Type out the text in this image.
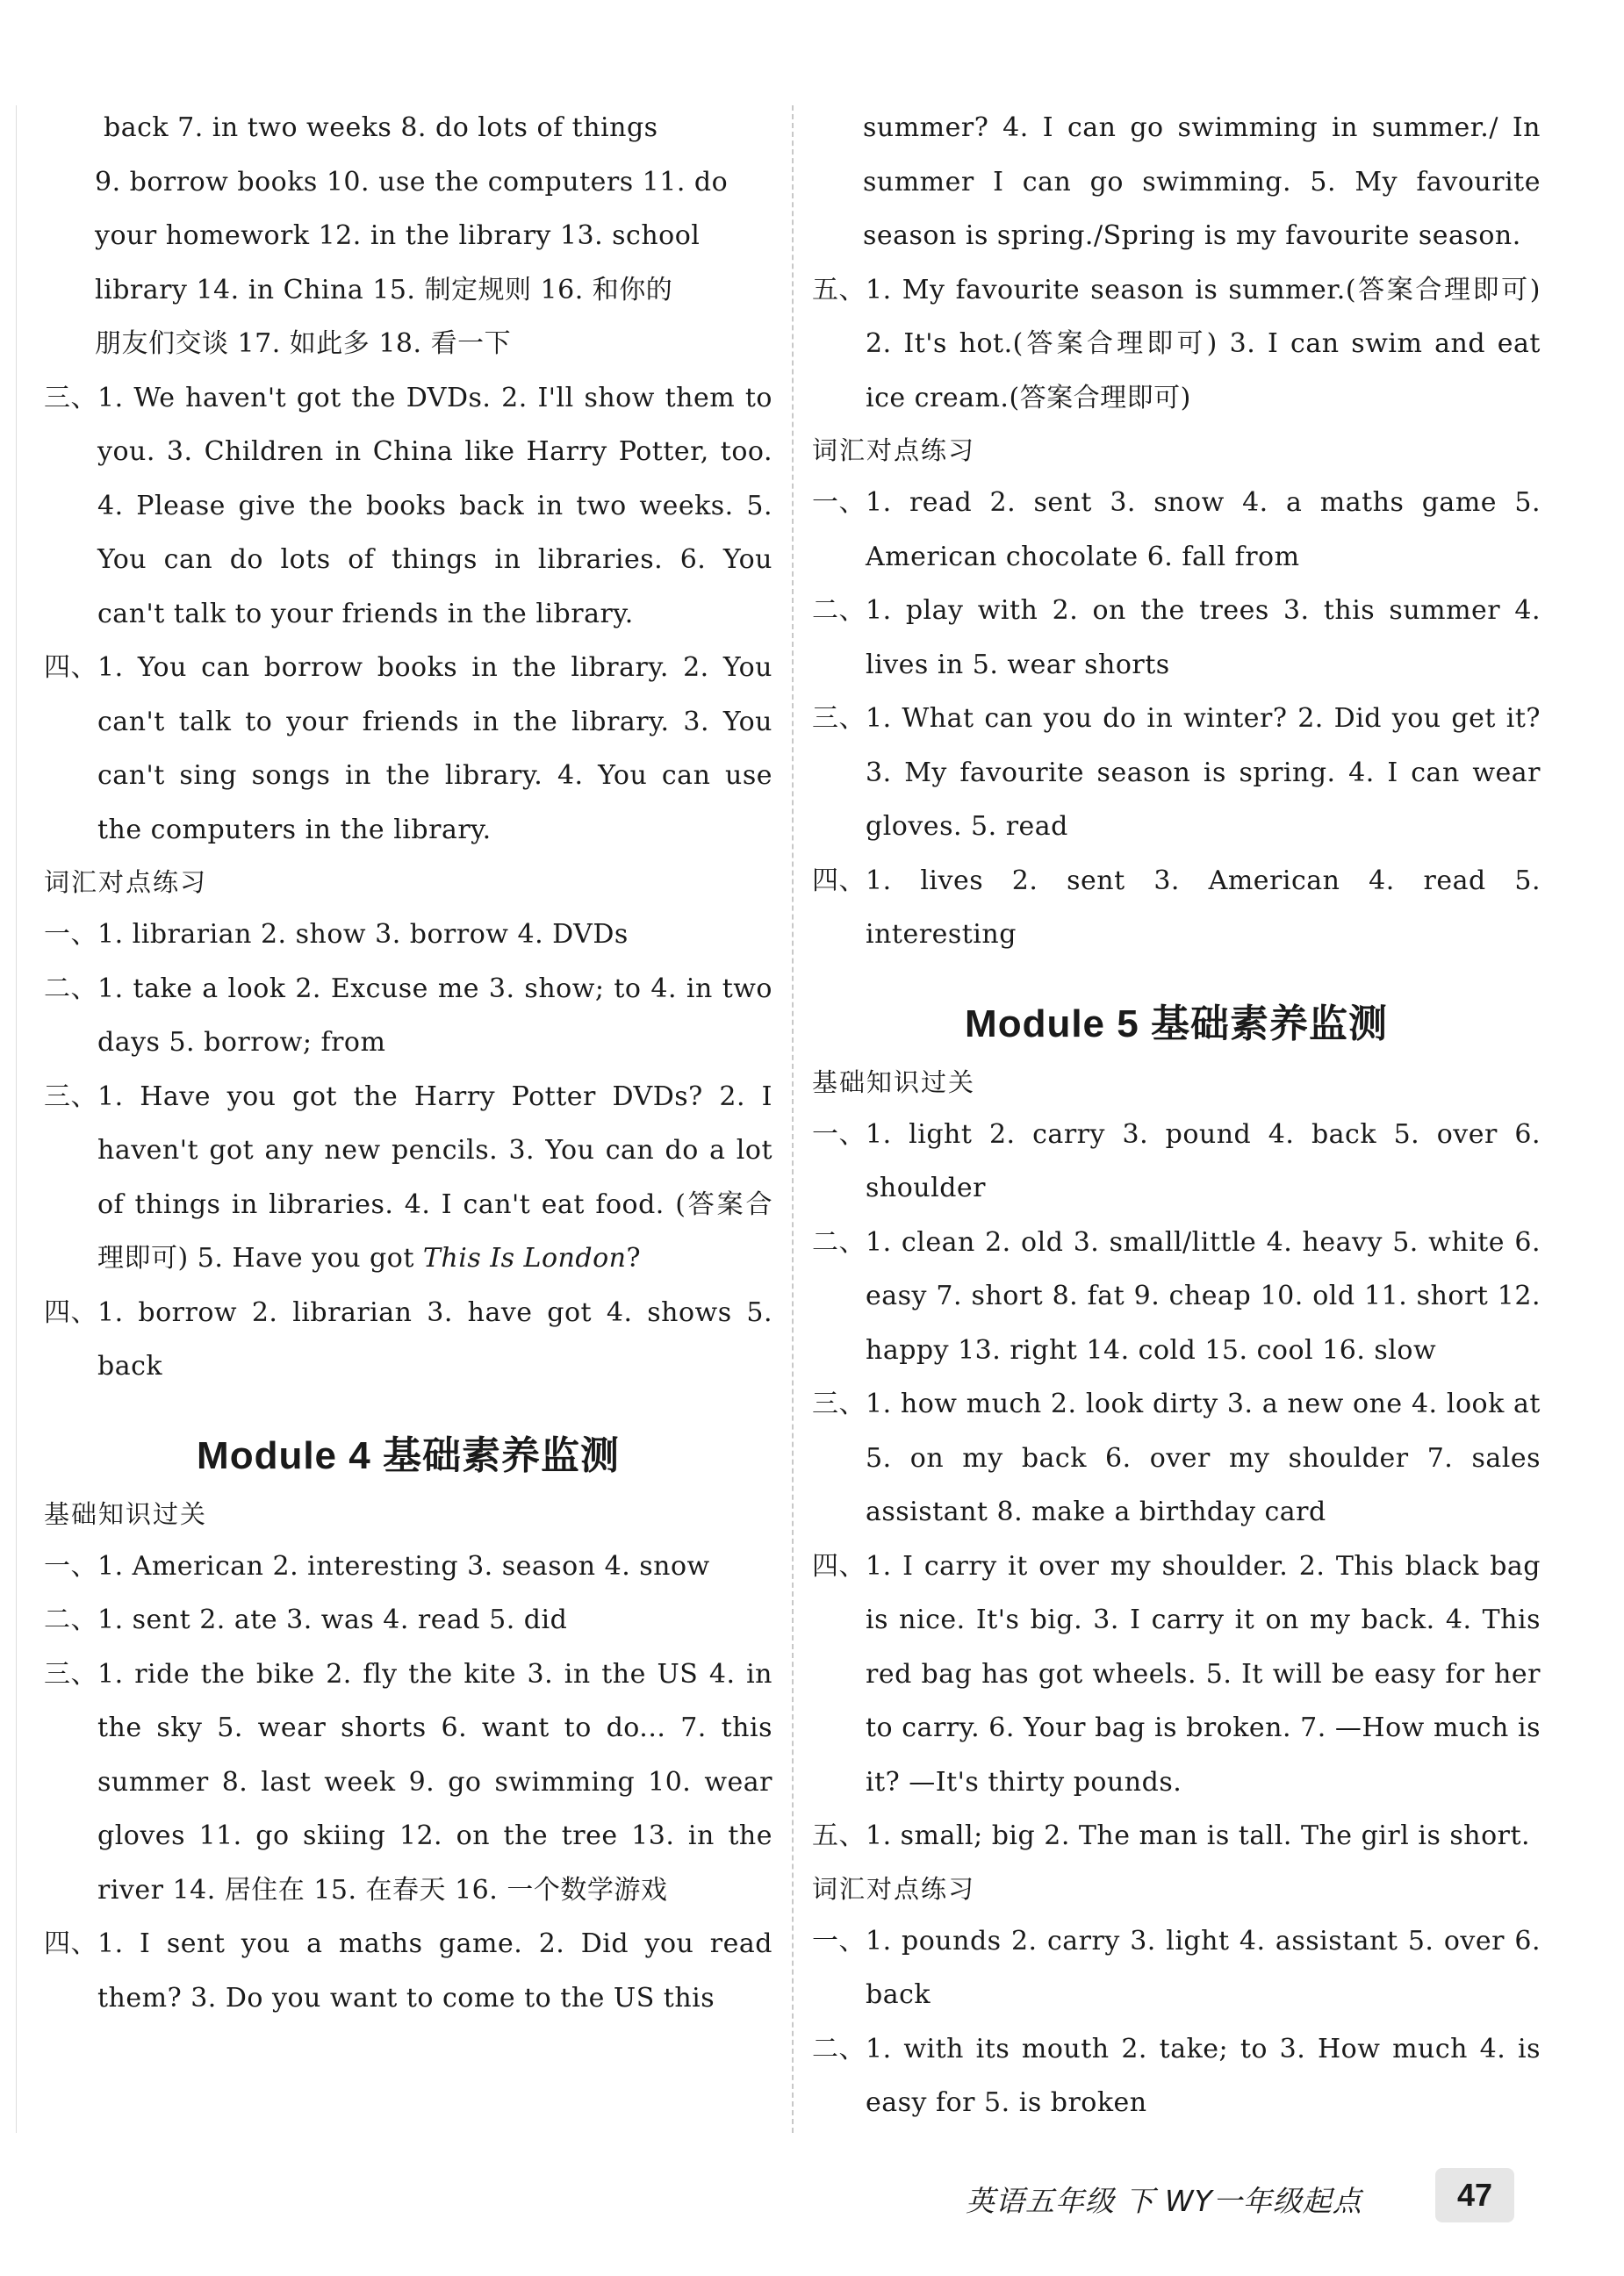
back 7. in two weeks 8. do lots of things
9. borrow books 10. use the computers 11. do
your homework 12. in the library 13. school
library 14. in China 15. 制定规则 16. 和你的
朋友们交谈 17. 如此多 18. 看一下
三、 1. We haven't got the DVDs. 2. I'll show them to you. 3. Children in China like Harry Potter, too. 4. Please give the books back in two weeks. 5. You can do lots of things in libraries. 6. You can't talk to your friends in the library.
四、 1. You can borrow books in the library. 2. You can't talk to your friends in the library. 3. You can't sing songs in the library. 4. You can use the computers in the library.
词汇对点练习
一、 1. librarian 2. show 3. borrow 4. DVDs
二、 1. take a look 2. Excuse me 3. show; to 4. in two days 5. borrow; from
三、 1. Have you got the Harry Potter DVDs? 2. I haven't got any new pencils. 3. You can do a lot of things in libraries. 4. I can't eat food. (答案合理即可) 5. Have you got This Is London?
四、 1. borrow 2. librarian 3. have got 4. shows 5. back
Module 4 基础素养监测
基础知识过关
一、 1. American 2. interesting 3. season 4. snow
二、 1. sent 2. ate 3. was 4. read 5. did
三、 1. ride the bike 2. fly the kite 3. in the US 4. in the sky 5. wear shorts 6. want to do... 7. this summer 8. last week 9. go swimming 10. wear gloves 11. go skiing 12. on the tree 13. in the river 14. 居住在 15. 在春天 16. 一个数学游戏
四、 1. I sent you a maths game. 2. Did you read them? 3. Do you want to come to the US this
summer? 4. I can go swimming in summer./ In summer I can go swimming. 5. My favourite season is spring./Spring is my favourite season.
五、 1. My favourite season is summer.(答案合理即可) 2. It's hot.(答案合理即可) 3. I can swim and eat ice cream.(答案合理即可)
词汇对点练习
一、 1. read 2. sent 3. snow 4. a maths game 5. American chocolate 6. fall from
二、 1. play with 2. on the trees 3. this summer 4. lives in 5. wear shorts
三、 1. What can you do in winter? 2. Did you get it? 3. My favourite season is spring. 4. I can wear gloves. 5. read
四、 1. lives 2. sent 3. American 4. read 5. interesting
Module 5 基础素养监测
基础知识过关
一、 1. light 2. carry 3. pound 4. back 5. over 6. shoulder
二、 1. clean 2. old 3. small/little 4. heavy 5. white 6. easy 7. short 8. fat 9. cheap 10. old 11. short 12. happy 13. right 14. cold 15. cool 16. slow
三、 1. how much 2. look dirty 3. a new one 4. look at 5. on my back 6. over my shoulder 7. sales assistant 8. make a birthday card
四、 1. I carry it over my shoulder. 2. This black bag is nice. It's big. 3. I carry it on my back. 4. This red bag has got wheels. 5. It will be easy for her to carry. 6. Your bag is broken. 7. —How much is it? —It's thirty pounds.
五、 1. small; big 2. The man is tall. The girl is short.
词汇对点练习
一、 1. pounds 2. carry 3. light 4. assistant 5. over 6. back
二、 1. with its mouth 2. take; to 3. How much 4. is easy for 5. is broken
英语五年级 下 WY一年级起点	47
